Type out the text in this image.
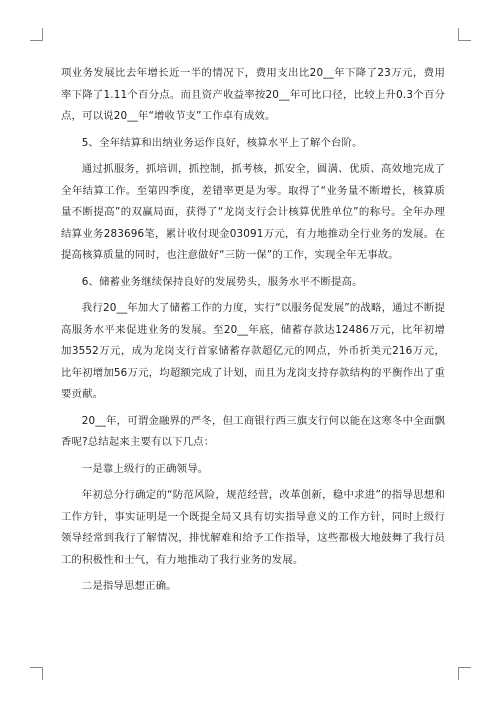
项业务发展比去年增长近一半的情况下，费用支出比20__年下降了23万元，费用率下降了1.11个百分点。而且资产收益率按20__年可比口径，比较上升0.3个百分点，可以说20__年“增收节支”工作卓有成效。

5、全年结算和出纳业务运作良好，核算水平上了解个台阶。

通过抓服务，抓培训，抓控制，抓考核，抓安全，圆满、优质、高效地完成了全年结算工作。至第四季度，差错率更是为零。取得了“业务量不断增长，核算质量不断提高”的双赢局面，获得了“龙岗支行会计核算优胜单位”的称号。全年办理结算业务283696笔，累计收付现金03091万元，有力地推动全行业务的发展。在提高核算质量的同时，也注意做好“三防一保”的工作，实现全年无事故。

6、储蓄业务继续保持良好的发展势头，服务水平不断提高。

我行20__年加大了储蓄工作的力度，实行“以服务促发展”的战略，通过不断提高服务水平来促进业务的发展。至20__年底，储蓄存款达12486万元，比年初增加3552万元，成为龙岗支行首家储蓄存款超亿元的网点，外币折美元216万元，比年初增加56万元，均超额完成了计划，而且为龙岗支持存款结构的平衡作出了重要贡献。

20__年，可谓金融界的严冬，但工商银行西三旗支行何以能在这寒冬中全面飘香呢?总结起来主要有以下几点：

一是靠上级行的正确领导。

年初总分行确定的“防范风险，规范经营，改革创新，稳中求进”的指导思想和工作方针，事实证明是一个既提全局又具有切实指导意义的工作方针，同时上级行领导经常到我行了解情况，排忧解难和给予工作指导，这些都极大地鼓舞了我行员工的积极性和士气，有力地推动了我行业务的发展。

二是指导思想正确。
